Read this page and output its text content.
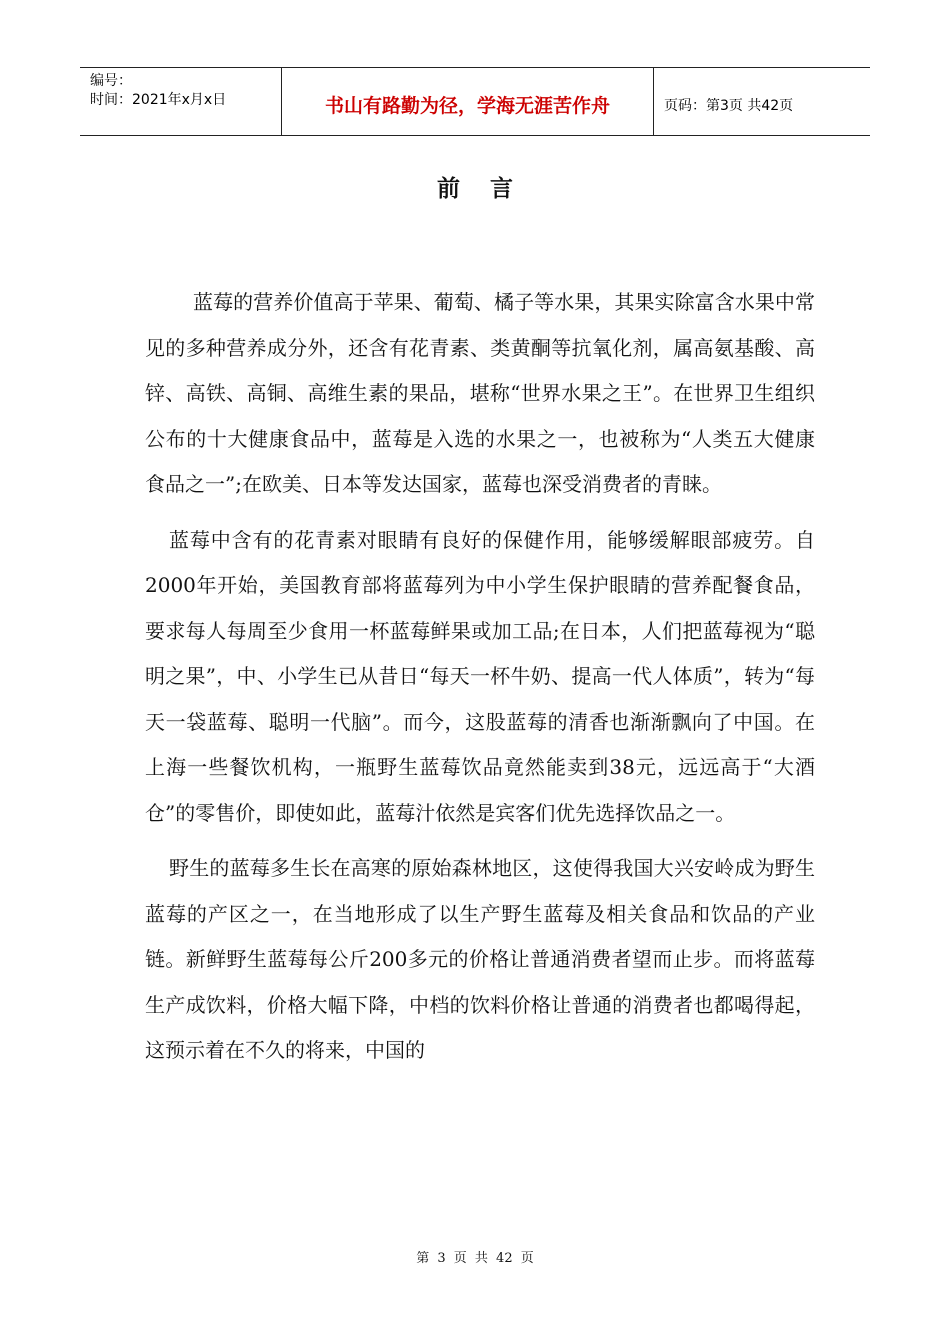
编号：
时间：2021年x月x日	书山有路勤为径，学海无涯苦作舟	页码：第3页 共42页
前言

蓝莓的营养价值高于苹果、葡萄、橘子等水果，其果实除富含水果中常见的多种营养成分外，还含有花青素、类黄酮等抗氧化剂，属高氨基酸、高锌、高铁、高铜、高维生素的果品，堪称“世界水果之王”。在世界卫生组织公布的十大健康食品中，蓝莓是入选的水果之一，也被称为“人类五大健康食品之一”;在欧美、日本等发达国家，蓝莓也深受消费者的青睐。

蓝莓中含有的花青素对眼睛有良好的保健作用，能够缓解眼部疲劳。自2000年开始，美国教育部将蓝莓列为中小学生保护眼睛的营养配餐食品，要求每人每周至少食用一杯蓝莓鲜果或加工品;在日本，人们把蓝莓视为“聪明之果”，中、小学生已从昔日“每天一杯牛奶、提高一代人体质”，转为“每天一袋蓝莓、聪明一代脑”。而今，这股蓝莓的清香也渐渐飘向了中国。在上海一些餐饮机构，一瓶野生蓝莓饮品竟然能卖到38元，远远高于“大酒仓”的零售价，即使如此，蓝莓汁依然是宾客们优先选择饮品之一。

野生的蓝莓多生长在高寒的原始森林地区，这使得我国大兴安岭成为野生蓝莓的产区之一，在当地形成了以生产野生蓝莓及相关食品和饮品的产业链。新鲜野生蓝莓每公斤200多元的价格让普通消费者望而止步。而将蓝莓生产成饮料，价格大幅下降，中档的饮料价格让普通的消费者也都喝得起，这预示着在不久的将来，中国的

第 3 页 共 42 页
